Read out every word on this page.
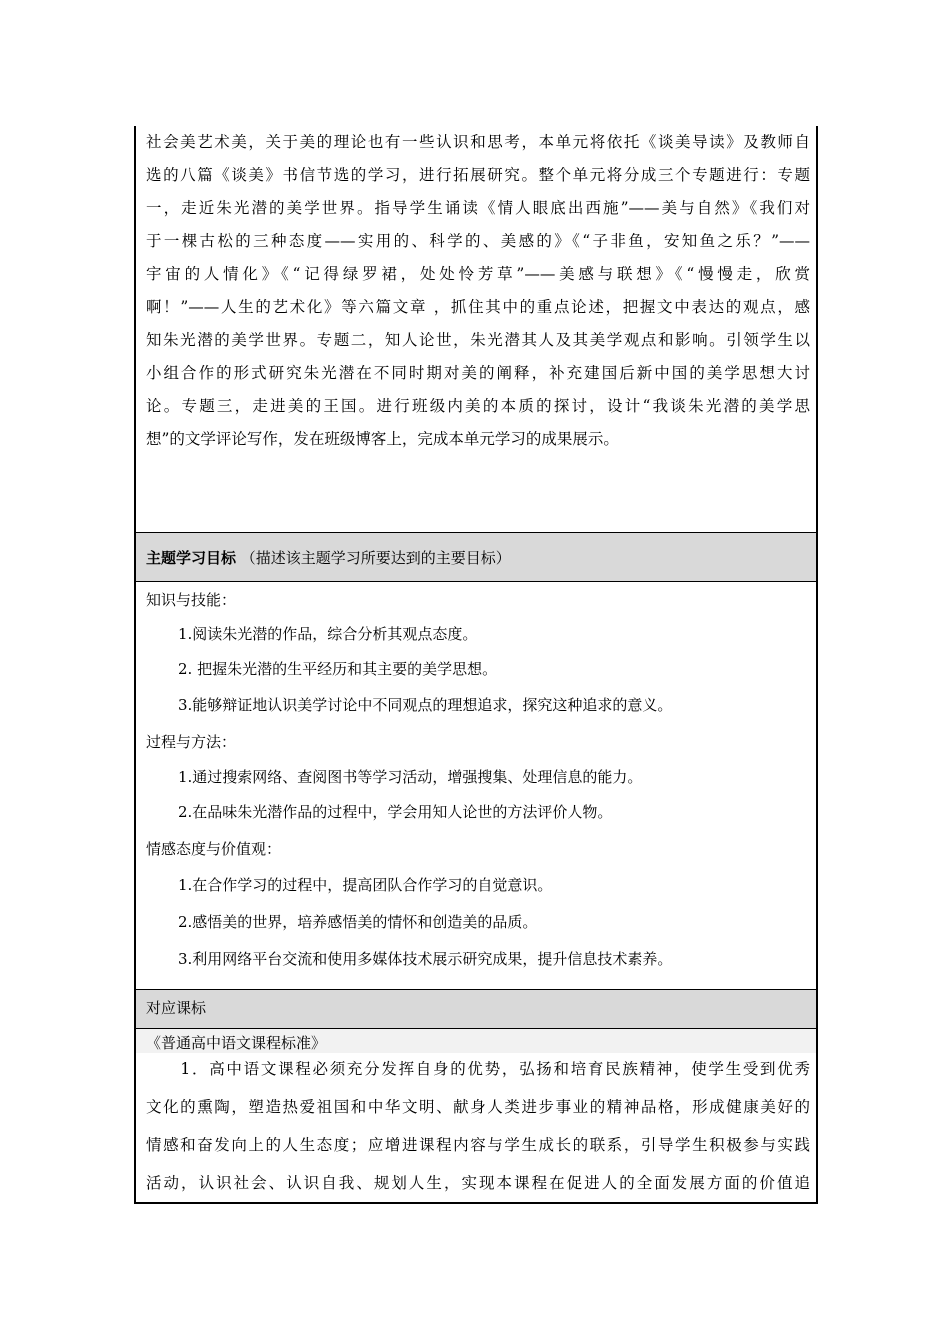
社会美艺术美，关于美的理论也有一些认识和思考，本单元将依托《谈美导读》及教师自
选的八篇《谈美》书信节选的学习，进行拓展研究。整个单元将分成三个专题进行：专题
一，走近朱光潜的美学世界。指导学生诵读《情人眼底出西施”——美与自然》《我们对
于一棵古松的三种态度——实用的、科学的、美感的》《“子非鱼，安知鱼之乐？”——
宇宙的人情化》《“记得绿罗裙，处处怜芳草”——美感与联想》《“慢慢走，欣赏
啊！”——人生的艺术化》等六篇文章 ，抓住其中的重点论述，把握文中表达的观点，感
知朱光潜的美学世界。专题二，知人论世，朱光潜其人及其美学观点和影响。引领学生以
小组合作的形式研究朱光潜在不同时期对美的阐释，补充建国后新中国的美学思想大讨
论。专题三，走进美的王国。进行班级内美的本质的探讨，设计“我谈朱光潜的美学思
想”的文学评论写作，发在班级博客上，完成本单元学习的成果展示。
主题学习目标 （描述该主题学习所要达到的主要目标）
知识与技能：
1.阅读朱光潜的作品，综合分析其观点态度。
2. 把握朱光潜的生平经历和其主要的美学思想。
3.能够辩证地认识美学讨论中不同观点的理想追求，探究这种追求的意义。
过程与方法：
1.通过搜索网络、查阅图书等学习活动，增强搜集、处理信息的能力。
2.在品味朱光潜作品的过程中，学会用知人论世的方法评价人物。
情感态度与价值观：
1.在合作学习的过程中，提高团队合作学习的自觉意识。
2.感悟美的世界，培养感悟美的情怀和创造美的品质。
3.利用网络平台交流和使用多媒体技术展示研究成果，提升信息技术素养。
对应课标
《普通高中语文课程标准》
　　1．高中语文课程必须充分发挥自身的优势，弘扬和培育民族精神，使学生受到优秀
文化的熏陶，塑造热爱祖国和中华文明、献身人类进步事业的精神品格，形成健康美好的
情感和奋发向上的人生态度；应增进课程内容与学生成长的联系，引导学生积极参与实践
活动，认识社会、认识自我、规划人生，实现本课程在促进人的全面发展方面的价值追
